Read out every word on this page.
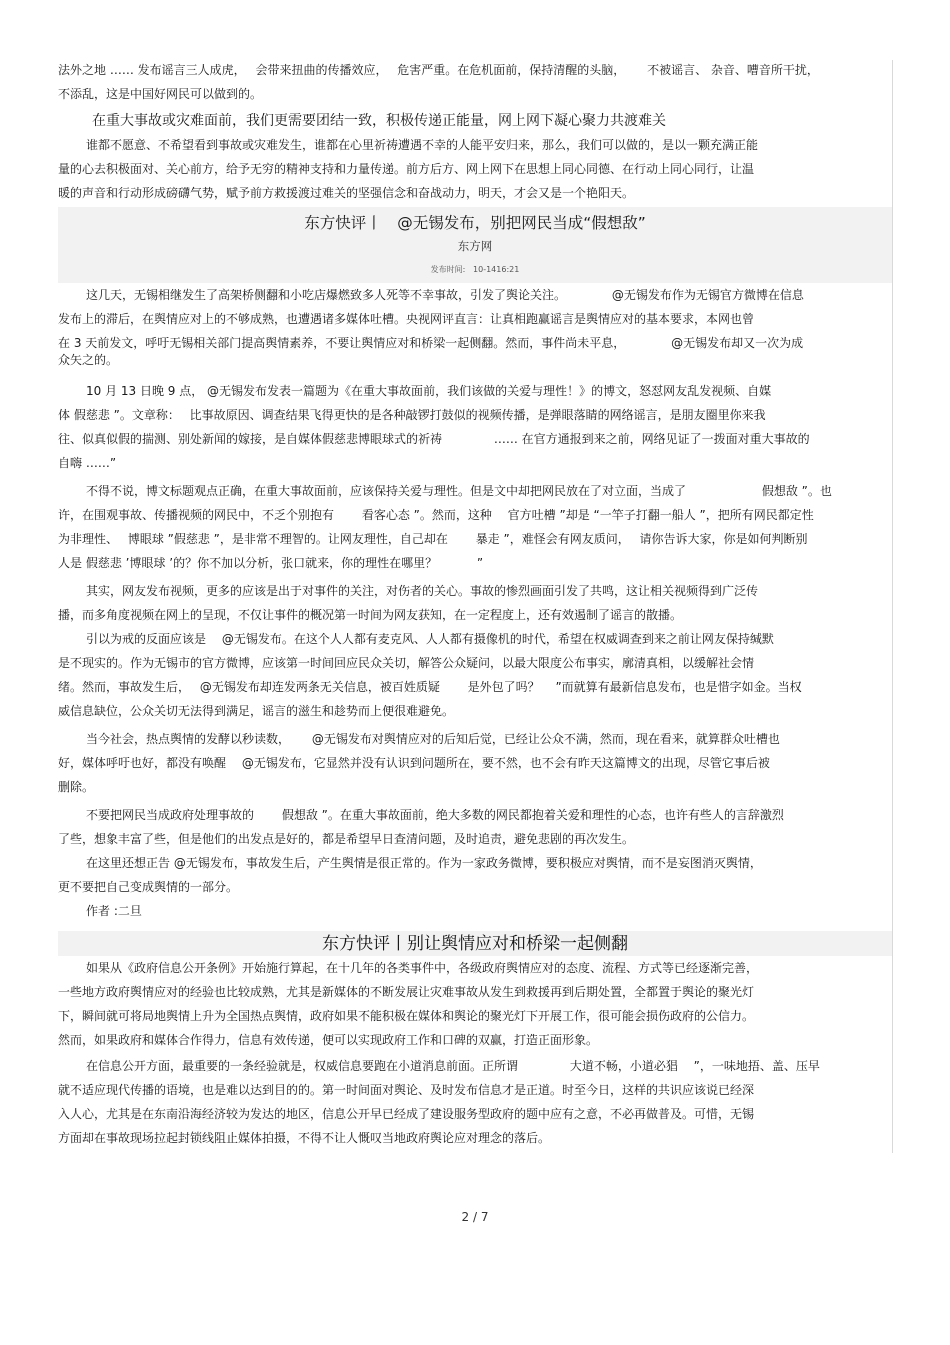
法外之地 …… 发布谣言三人成虎，　 会带来扭曲的传播效应，　 危害严重。在危机面前，保持清醒的头脑，　　 不被谣言、 杂音、嘈音所干扰，
不添乱，这是中国好网民可以做到的。
在重大事故或灾难面前，我们更需要团结一致，积极传递正能量，网上网下凝心聚力共渡难关
谁都不愿意、不希望看到事故或灾难发生，谁都在心里祈祷遭遇不幸的人能平安归来，那么，我们可以做的，是以一颗充满正能
量的心去积极面对、关心前方，给予无穷的精神支持和力量传递。前方后方、网上网下在思想上同心同德、在行动上同心同行，让温
暖的声音和行动形成磅礴气势，赋予前方救援渡过难关的坚强信念和奋战动力，明天，才会又是一个艳阳天。
东方快评丨　@无锡发布，别把网民当成“假想敌”
东方网
发布时间: 10-1416:21
这几天，无锡相继发生了高架桥侧翻和小吃店爆燃致多人死等不幸事故，引发了舆论关注。　　　　 @无锡发布作为无锡官方微博在信息
发布上的滞后，在舆情应对上的不够成熟，也遭遇诸多媒体吐槽。央视网评直言：让真相跑赢谣言是舆情应对的基本要求，本网也曾
在 3 天前发文，呼吁无锡相关部门提高舆情素养，不要让舆情应对和桥梁一起侧翻。然而，事件尚未平息，　　　　 @无锡发布却又一次为成
众矢之的。
10 月 13 日晚 9 点， @无锡发布发表一篇题为《在重大事故面前，我们该做的关爱与理性！》的博文，怒怼网友乱发视频、自媒
体 假慈悲 ”。文章称：　 比事故原因、调查结果飞得更快的是各种敲锣打鼓似的视频传播，是弹眼落睛的网络谣言，是朋友圈里你来我
往、似真似假的揣测、别处新闻的嫁接，是自媒体假慈悲博眼球式的祈祷　　　　 …… 在官方通报到来之前，网络见证了一拨面对重大事故的
自嗨 ……”
不得不说，博文标题观点正确，在重大事故面前，应该保持关爱与理性。但是文中却把网民放在了对立面，当成了　　　　　　 假想敌 ”。也
许，在围观事故、传播视频的网民中，不乏个别抱有　　 看客心态 ”。然而，这种　 官方吐槽 ”却是 “一竿子打翻一船人 ”，把所有网民都定性
为非理性、　 博眼球 ”假慈悲 ”，是非常不理智的。让网友理性，自己却在　　 暴走 ”，难怪会有网友质问，　 请你告诉大家，你是如何判断别
人是 假慈悲 ’博眼球 ’的？你不加以分析，张口就来，你的理性在哪里？　　　 ”
其实，网友发布视频，更多的应该是出于对事件的关注，对伤者的关心。事故的惨烈画面引发了共鸣，这让相关视频得到广泛传
播，而多角度视频在网上的呈现，不仅让事件的概况第一时间为网友获知，在一定程度上，还有效遏制了谣言的散播。
引以为戒的反面应该是　 @无锡发布。在这个人人都有麦克风、人人都有摄像机的时代，希望在权威调查到来之前让网友保持缄默
是不现实的。作为无锡市的官方微博，应该第一时间回应民众关切，解答公众疑问，以最大限度公布事实，廓清真相，以缓解社会情
绪。然而，事故发生后，　 @无锡发布却连发两条无关信息，被百姓质疑　　 是外包了吗？　 ”而就算有最新信息发布，也是惜字如金。当权
威信息缺位，公众关切无法得到满足，谣言的滋生和趁势而上便很难避免。
当今社会，热点舆情的发酵以秒读数，　　 @无锡发布对舆情应对的后知后觉，已经让公众不满，然而，现在看来，就算群众吐槽也
好，媒体呼吁也好，都没有唤醒　 @无锡发布，它显然并没有认识到问题所在，要不然，也不会有昨天这篇博文的出现，尽管它事后被
删除。
不要把网民当成政府处理事故的　　 假想敌 ”。在重大事故面前，绝大多数的网民都抱着关爱和理性的心态，也许有些人的言辞激烈
了些，想象丰富了些，但是他们的出发点是好的，都是希望早日查清问题，及时追责，避免悲剧的再次发生。
在这里还想正告 @无锡发布，事故发生后，产生舆情是很正常的。作为一家政务微博，要积极应对舆情，而不是妄图消灭舆情，
更不要把自己变成舆情的一部分。
作者 :二旦
东方快评丨别让舆情应对和桥梁一起侧翻
如果从《政府信息公开条例》开始施行算起，在十几年的各类事件中，各级政府舆情应对的态度、流程、方式等已经逐渐完善，
一些地方政府舆情应对的经验也比较成熟，尤其是新媒体的不断发展让灾难事故从发生到救援再到后期处置，全都置于舆论的聚光灯
下，瞬间就可将局地舆情上升为全国热点舆情，政府如果不能积极在媒体和舆论的聚光灯下开展工作，很可能会损伤政府的公信力。
然而，如果政府和媒体合作得力，信息有效传递，便可以实现政府工作和口碑的双赢，打造正面形象。
在信息公开方面，最重要的一条经验就是，权威信息要跑在小道消息前面。正所谓　　　　 大道不畅，小道必猖　 ”，一味地捂、盖、压早
就不适应现代传播的语境，也是难以达到目的的。第一时间面对舆论、及时发布信息才是正道。时至今日，这样的共识应该说已经深
入人心，尤其是在东南沿海经济较为发达的地区，信息公开早已经成了建设服务型政府的题中应有之意，不必再做普及。可惜，无锡
方面却在事故现场拉起封锁线阻止媒体拍摄，不得不让人慨叹当地政府舆论应对理念的落后。
2 / 7
